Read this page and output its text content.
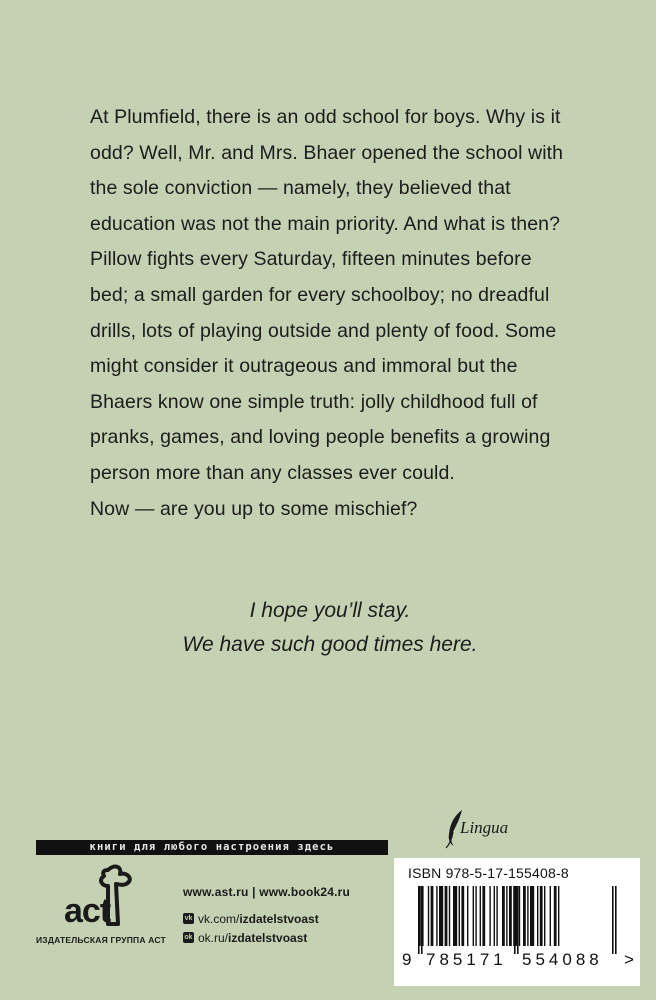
At Plumfield, there is an odd school for boys. Why is it odd? Well, Mr. and Mrs. Bhaer opened the school with the sole conviction — namely, they believed that education was not the main priority. And what is then? Pillow fights every Saturday, fifteen minutes before bed; a small garden for every schoolboy; no dreadful drills, lots of playing outside and plenty of food. Some might consider it outrageous and immoral but the Bhaers know one simple truth: jolly childhood full of pranks, games, and loving people benefits a growing person more than any classes ever could.

Now — are you up to some mischief?

I hope you’ll stay.
We have such good times here.
книги для любого настроения здесь
Lingua
act
ИЗДАТЕЛЬСКАЯ ГРУППА АСТ
www.ast.ru | www.book24.ru
vk vk.com/ izdatelstvoast
ok ok.ru/ izdatelstvoast
ISBN 978-5-17-155408-8
9 785171 554088 >
